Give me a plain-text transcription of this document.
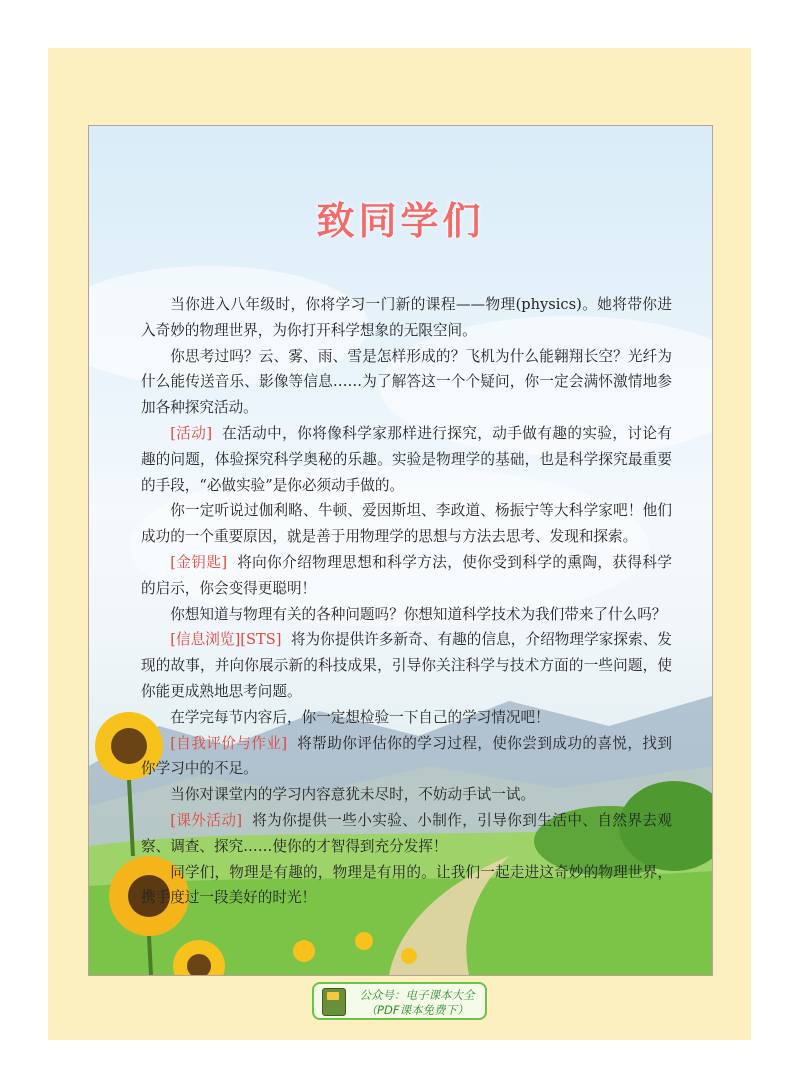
致同学们

当你进入八年级时，你将学习一门新的课程——物理(physics)。她将带你进入奇妙的物理世界，为你打开科学想象的无限空间。

你思考过吗？云、雾、雨、雪是怎样形成的？飞机为什么能翱翔长空？光纤为什么能传送音乐、影像等信息……为了解答这一个个疑问，你一定会满怀激情地参加各种探究活动。

[活动] 在活动中，你将像科学家那样进行探究，动手做有趣的实验，讨论有趣的问题，体验探究科学奥秘的乐趣。实验是物理学的基础，也是科学探究最重要的手段，“必做实验”是你必须动手做的。

你一定听说过伽利略、牛顿、爱因斯坦、李政道、杨振宁等大科学家吧！他们成功的一个重要原因，就是善于用物理学的思想与方法去思考、发现和探索。

[金钥匙] 将向你介绍物理思想和科学方法，使你受到科学的熏陶，获得科学的启示，你会变得更聪明！

你想知道与物理有关的各种问题吗？你想知道科学技术为我们带来了什么吗？

[信息浏览][STS] 将为你提供许多新奇、有趣的信息，介绍物理学家探索、发现的故事，并向你展示新的科技成果，引导你关注科学与技术方面的一些问题，使你能更成熟地思考问题。

在学完每节内容后，你一定想检验一下自己的学习情况吧！

[自我评价与作业] 将帮助你评估你的学习过程，使你尝到成功的喜悦，找到你学习中的不足。

当你对课堂内的学习内容意犹未尽时，不妨动手试一试。

[课外活动] 将为你提供一些小实验、小制作，引导你到生活中、自然界去观察、调查、探究……使你的才智得到充分发挥！

同学们，物理是有趣的，物理是有用的。让我们一起走进这奇妙的物理世界，携手度过一段美好的时光！

公众号：电子课本大全
（PDF课本免费下）
